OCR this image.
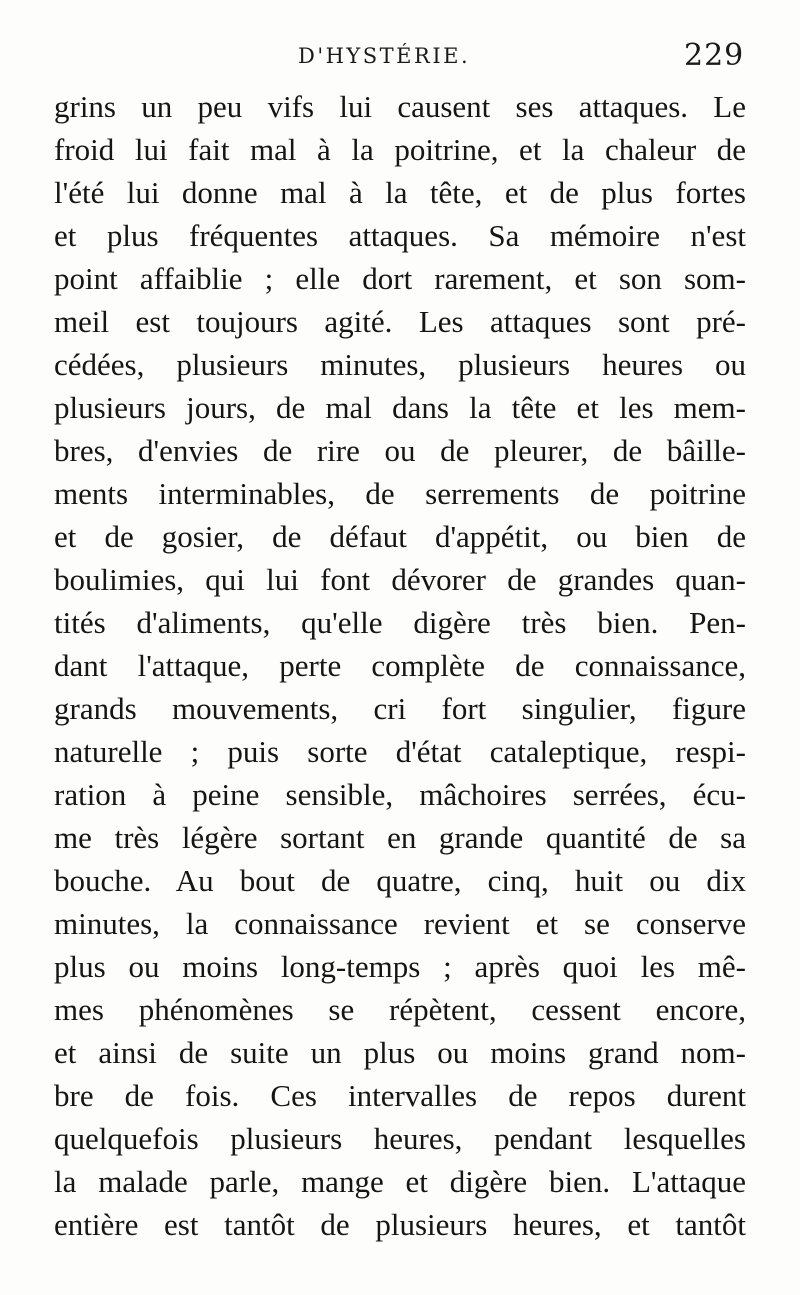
D'HYSTÉRIE.	229
grins un peu vifs lui causent ses attaques. Le
froid lui fait mal à la poitrine, et la chaleur de
l'été lui donne mal à la tête, et de plus fortes
et plus fréquentes attaques. Sa mémoire n'est
point affaiblie ; elle dort rarement, et son som-
meil est toujours agité. Les attaques sont pré-
cédées, plusieurs minutes, plusieurs heures ou
plusieurs jours, de mal dans la tête et les mem-
bres, d'envies de rire ou de pleurer, de bâille-
ments interminables, de serrements de poitrine
et de gosier, de défaut d'appétit, ou bien de
boulimies, qui lui font dévorer de grandes quan-
tités d'aliments, qu'elle digère très bien. Pen-
dant l'attaque, perte complète de connaissance,
grands mouvements, cri fort singulier, figure
naturelle ; puis sorte d'état cataleptique, respi-
ration à peine sensible, mâchoires serrées, écu-
me très légère sortant en grande quantité de sa
bouche. Au bout de quatre, cinq, huit ou dix
minutes, la connaissance revient et se conserve
plus ou moins long-temps ; après quoi les mê-
mes phénomènes se répètent, cessent encore,
et ainsi de suite un plus ou moins grand nom-
bre de fois. Ces intervalles de repos durent
quelquefois plusieurs heures, pendant lesquelles
la malade parle, mange et digère bien. L'attaque
entière est tantôt de plusieurs heures, et tantôt
